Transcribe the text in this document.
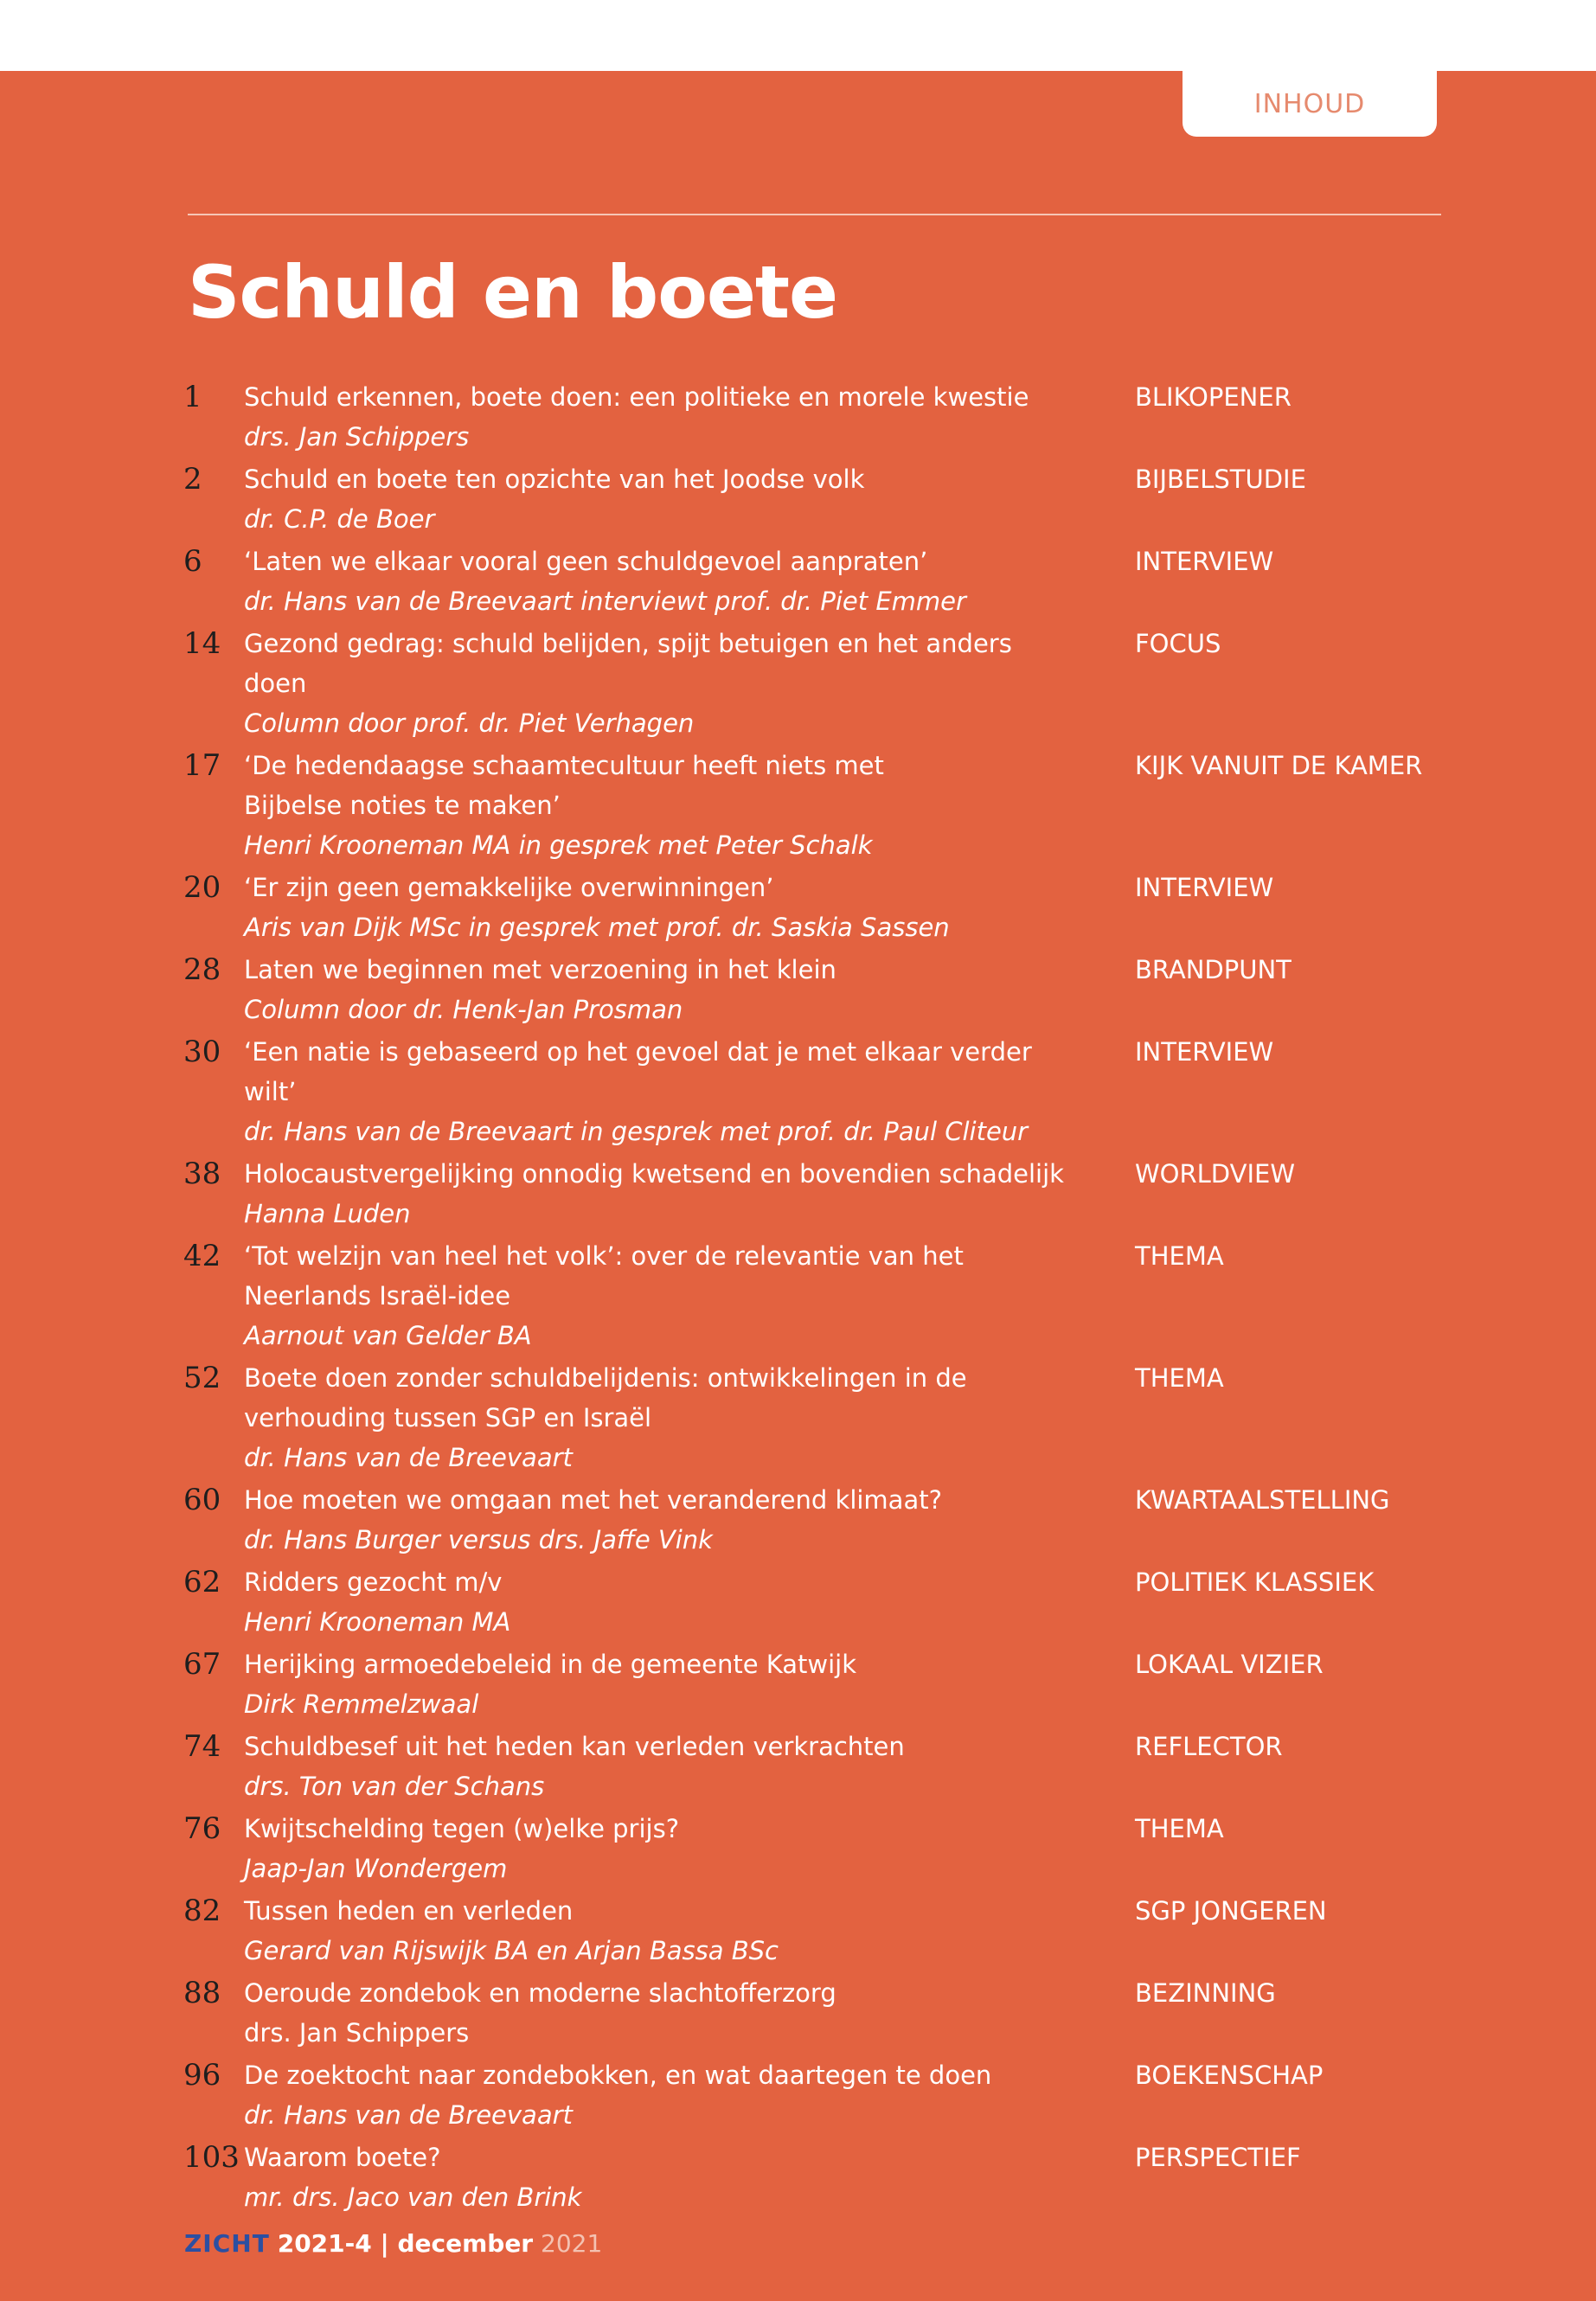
INHOUD
Schuld en boete
1 Schuld erkennen, boete doen: een politieke en morele kwestie
drs. Jan Schippers
BLIKOPENER
2 Schuld en boete ten opzichte van het Joodse volk
dr. C.P. de Boer
BIJBELSTUDIE
6 ‘Laten we elkaar vooral geen schuldgevoel aanpraten’
dr. Hans van de Breevaart interviewt prof. dr. Piet Emmer
INTERVIEW
14 Gezond gedrag: schuld belijden, spijt betuigen en het anders doen
Column door prof. dr. Piet Verhagen
FOCUS
17 ‘De hedendaagse schaamtecultuur heeft niets met
Bijbelse noties te maken’
Henri Krooneman MA in gesprek met Peter Schalk
KIJK VANUIT DE KAMER
20 ‘Er zijn geen gemakkelijke overwinningen’
Aris van Dijk MSc in gesprek met prof. dr. Saskia Sassen
INTERVIEW
28 Laten we beginnen met verzoening in het klein
Column door dr. Henk-Jan Prosman
BRANDPUNT
30 ‘Een natie is gebaseerd op het gevoel dat je met elkaar verder wilt’
dr. Hans van de Breevaart in gesprek met prof. dr. Paul Cliteur
INTERVIEW
38 Holocaustvergelijking onnodig kwetsend en bovendien schadelijk
Hanna Luden
WORLDVIEW
42 ‘Tot welzijn van heel het volk’: over de relevantie van het
Neerlands Israël-idee
Aarnout van Gelder BA
THEMA
52 Boete doen zonder schuldbelijdenis: ontwikkelingen in de
verhouding tussen SGP en Israël
dr. Hans van de Breevaart
THEMA
60 Hoe moeten we omgaan met het veranderend klimaat?
dr. Hans Burger versus drs. Jaffe Vink
KWARTAALSTELLING
62 Ridders gezocht m/v
Henri Krooneman MA
POLITIEK KLASSIEK
67 Herijking armoedebeleid in de gemeente Katwijk
Dirk Remmelzwaal
LOKAAL VIZIER
74 Schuldbesef uit het heden kan verleden verkrachten
drs. Ton van der Schans
REFLECTOR
76 Kwijtschelding tegen (w)elke prijs?
Jaap-Jan Wondergem
THEMA
82 Tussen heden en verleden
Gerard van Rijswijk BA en Arjan Bassa BSc
SGP JONGEREN
88 Oeroude zondebok en moderne slachtofferzorg
drs. Jan Schippers
BEZINNING
96 De zoektocht naar zondebokken, en wat daartegen te doen
dr. Hans van de Breevaart
BOEKENSCHAP
103 Waarom boete?
mr. drs. Jaco van den Brink
PERSPECTIEF
ZICHT 2021-4 | december 2021
